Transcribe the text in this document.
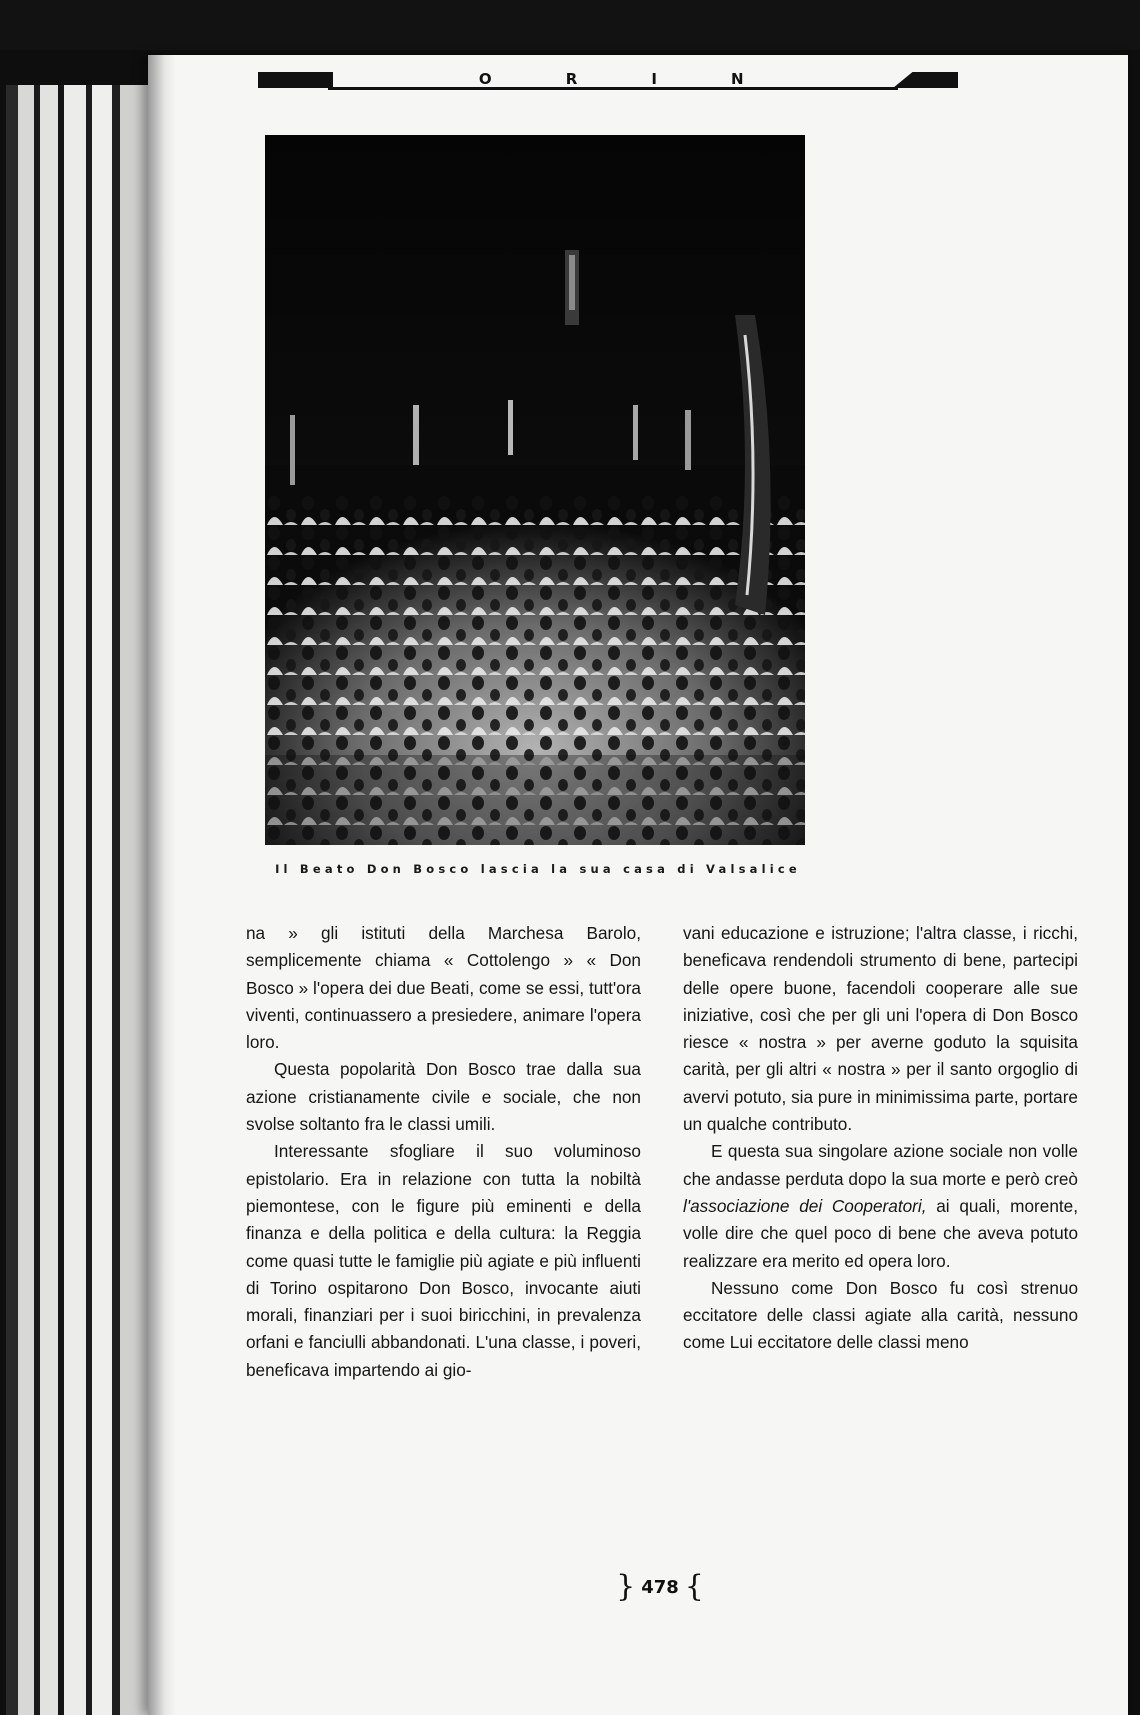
T	O	R	I	N	O
Il Beato Don Bosco lascia la sua casa di Valsalice

na » gli istituti della Marchesa Barolo, semplicemente chiama « Cottolengo » « Don Bosco » l'opera dei due Beati, come se essi, tutt'ora viventi, continuassero a presiedere, animare l'opera loro.

Questa popolarità Don Bosco trae dalla sua azione cristianamente civile e sociale, che non svolse soltanto fra le classi umili.

Interessante sfogliare il suo voluminoso epistolario. Era in relazione con tutta la nobiltà piemontese, con le figure più eminenti e della finanza e della politica e della cultura: la Reggia come quasi tutte le famiglie più agiate e più influenti di Torino ospitarono Don Bosco, invocante aiuti morali, finanziari per i suoi biricchini, in prevalenza orfani e fanciulli abbandonati. L'una classe, i poveri, beneficava impartendo ai gio-

vani educazione e istruzione; l'altra classe, i ricchi, beneficava rendendoli strumento di bene, partecipi delle opere buone, facendoli cooperare alle sue iniziative, così che per gli uni l'opera di Don Bosco riesce « nostra » per averne goduto la squisita carità, per gli altri « nostra » per il santo orgoglio di avervi potuto, sia pure in minimissima parte, portare un qualche contributo.

E questa sua singolare azione sociale non volle che andasse perduta dopo la sua morte e però creò l'associazione dei Cooperatori, ai quali, morente, volle dire che quel poco di bene che aveva potuto realizzare era merito ed opera loro.

Nessuno come Don Bosco fu così strenuo eccitatore delle classi agiate alla carità, nessuno come Lui eccitatore delle classi meno

} 478 {
